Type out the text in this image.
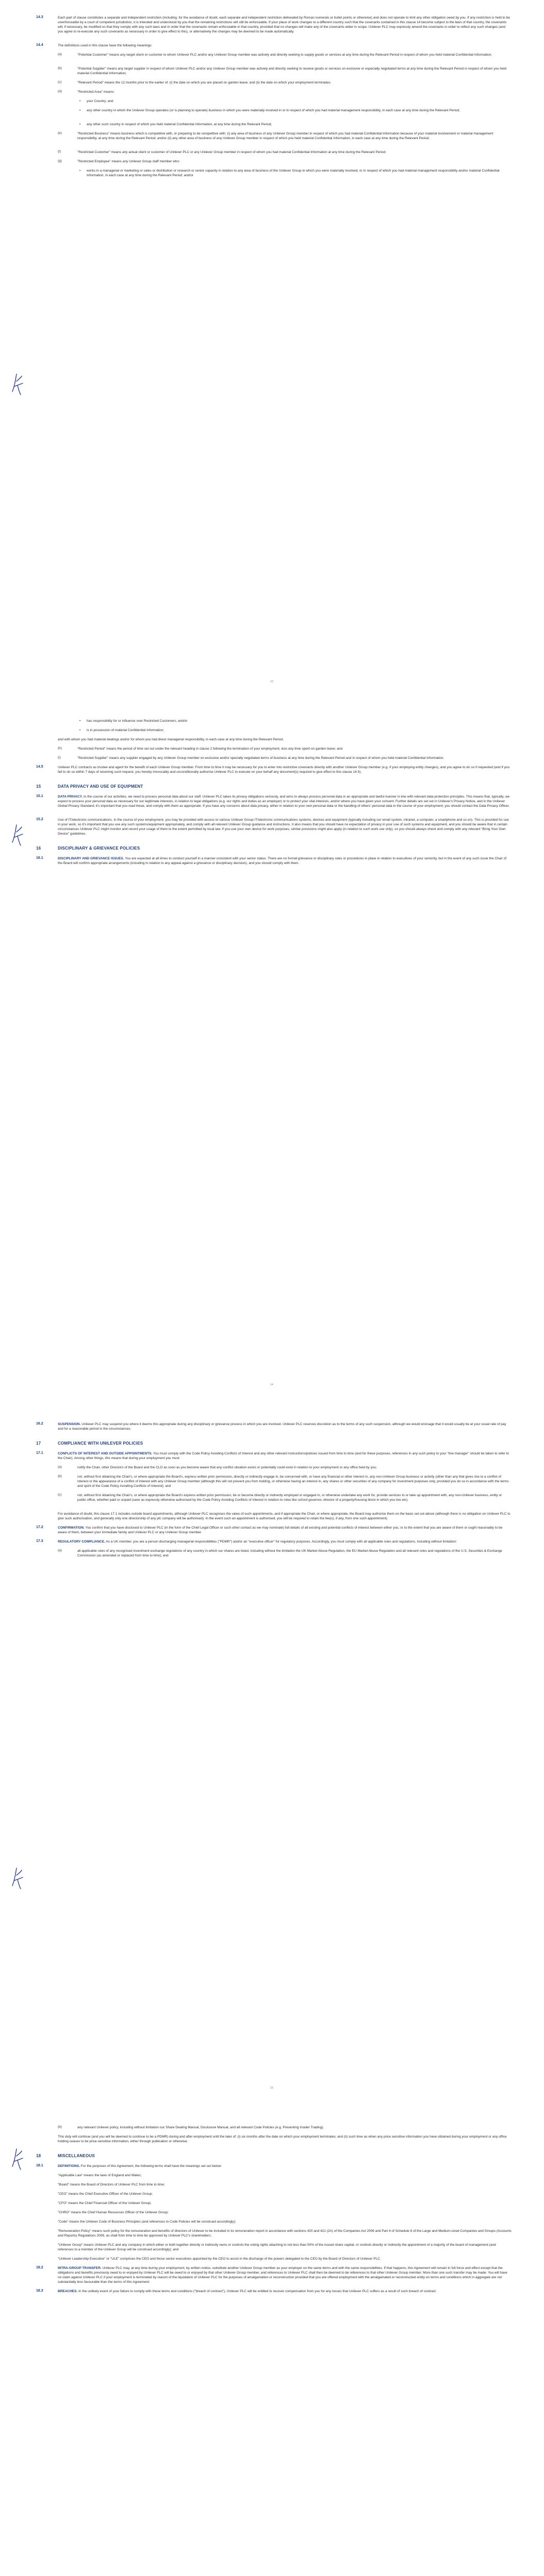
14.3	Each part of clause constitutes a separate and independent restriction (including, for the avoidance of doubt, each separate and independent restriction delineated by Roman numerals or bullet points or otherwise) and does not operate to limit any other obligation owed by you. If any restriction is held to be unenforceable by a court of competent jurisdiction, it is intended and understood by you that the remaining restrictions will still be enforceable. If your place of work changes to a different country such that the covenants contained in this clause 14 become subject to the laws of that country, the covenants will, if necessary, be modified so that they comply with any such laws and in order that the covenants remain enforceable in that country, provided that no changes will make any of the covenants wider in scope. Unilever PLC may expressly amend the covenants in order to reflect any such changes (and you agree to re-execute any such covenants as necessary in order to give effect to this), or alternatively the changes may be deemed to be made automatically.
14.4	The definitions used in this clause have the following meanings:
(a)	"Potential Customer" means any target client or customer to whom Unilever PLC and/or any Unilever Group member was actively and directly seeking to supply goods or services at any time during the Relevant Period in respect of whom you held material Confidential Information;
(b)	"Potential Supplier" means any target supplier in respect of whom Unilever PLC and/or any Unilever Group member was actively and directly seeking to receive goods or services on exclusive or especially negotiated terms at any time during the Relevant Period in respect of whom you held material Confidential Information;
(c)	"Relevant Period" means the 12 months prior to the earlier of: (i) the date on which you are placed on garden leave; and (ii) the date on which your employment terminates;
(d)	"Restricted Area" means:
• your Country; and
• any other country in which the Unilever Group operates (or is planning to operate) business in which you were materially involved in or in respect of which you had material management responsibility, in each case at any time during the Relevant Period;
• any other such country in respect of which you held material Confidential Information, at any time during the Relevant Period;
(e)	"Restricted Business" means business which is competitive with, or preparing to be competitive with: (i) any area of business of any Unilever Group member in respect of which you had material Confidential Information because of your material involvement or material management responsibility, at any time during the Relevant Period; and/or (ii) any other area of business of any Unilever Group member in respect of which you held material Confidential Information, in each case at any time during the Relevant Period;
(f)	"Restricted Customer" means any actual client or customer of Unilever PLC or any Unilever Group member in respect of whom you had material Confidential Information at any time during the Relevant Period;
(g)	"Restricted Employee" means any Unilever Group staff member who:
• works in a managerial or marketing or sales or distribution or research or senior capacity in relation to any area of business of the Unilever Group in which you were materially involved, or in respect of which you had material management responsibility and/or material Confidential Information, in each case at any time during the Relevant Period; and/or
13
• has responsibility for or influence over Restricted Customers; and/or
• is in possession of material Confidential Information;
and with whom you had material dealings and/or for whom you had direct managerial responsibility, in each case at any time during the Relevant Period;
(h)	"Restricted Period" means the period of time set out under the relevant heading in clause 2 following the termination of your employment, less any time spent on garden leave; and
(i)	"Restricted Supplier" means any supplier engaged by any Unilever Group member on exclusive and/or specially negotiated terms of business at any time during the Relevant Period and in respect of whom you held material Confidential Information.
14.5	Unilever PLC contracts as trustee and agent for the benefit of each Unilever Group member. From time to time it may be necessary for you to enter into restrictive covenants directly with another Unilever Group member (e.g. if your employing entity changes), and you agree to do so if requested (and if you fail to do so within 7 days of receiving such request, you hereby irrevocably and unconditionally authorise Unilever PLC to execute on your behalf any document(s) required to give effect to this clause 14.5).
15	DATA PRIVACY AND USE OF EQUIPMENT
15.1	DATA PRIVACY. In the course of our activities, we need to process personal data about our staff. Unilever PLC takes its privacy obligations seriously, and aims to always process personal data in an appropriate and lawful manner in line with relevant data protection principles. This means that, typically, we expect to process your personal data as necessary for our legitimate interests, in relation to legal obligations (e.g. our rights and duties as an employer) or to protect your vital interests, and/or where you have given your consent. Further details are set out in Unilever's Privacy Notice, and in the Unilever Global Privacy Standard; it's important that you read these, and comply with them as appropriate. If you have any concerns about data privacy, either in relation to your own personal data or the handling of others' personal data in the course of your employment, you should contact the Data Privacy Officer.
15.2	Use of IT/electronic communications. In the course of your employment, you may be provided with access to various Unilever Group IT/electronic communications systems, devices and equipment (typically including our email system, intranet, a computer, a smartphone and so on). This is provided for use in your work, so it's important that you use any such systems/equipment appropriately, and comply with all relevant Unilever Group guidance and instructions. It also means that you should have no expectation of privacy in your use of such systems and equipment, and you should be aware that in certain circumstances Unilever PLC might monitor and record your usage of them to the extent permitted by local law. If you use your own device for work purposes, similar provisions might also apply (in relation to such work use only), so you should always check and comply with any relevant "Bring Your Own Device" guidelines.
16	DISCIPLINARY & GRIEVANCE POLICIES
16.1	DISCIPLINARY AND GRIEVANCE ISSUES. You are expected at all times to conduct yourself in a manner consistent with your senior status. There are no formal grievance or disciplinary rules or procedures in place in relation to executives of your seniority, but in the event of any such issue the Chair of the Board will confirm appropriate arrangements (including in relation to any appeal against a grievance or disciplinary decision), and you should comply with them.
14
16.2	SUSPENSION. Unilever PLC may suspend you where it deems this appropriate during any disciplinary or grievance process in which you are involved. Unilever PLC reserves discretion as to the terms of any such suspension, although we would envisage that it would usually be at your usual rate of pay and for a reasonable period in the circumstances.
17	COMPLIANCE WITH UNILEVER POLICIES
17.1	CONFLICTS OF INTEREST AND OUTSIDE APPOINTMENTS. You must comply with the Code Policy Avoiding Conflicts of Interest and any other relevant instructions/policies issued from time to time (and for these purposes, references in any such policy to your "line manager" should be taken to refer to the Chair). Among other things, this means that during your employment you must:
(a)	notify the Chair, other Directors of the Board and the CLO as soon as you become aware that any conflict situation exists or potentially could exist in relation to your employment or any office held by you;
(b)	not, without first obtaining the Chair's, or where appropriate the Board's, express written prior permission, directly or indirectly engage in, be concerned with, or have any financial or other interest in, any non-Unilever Group business or activity (other than any that gives rise to a conflict of interest or the appearance of a conflict of interest with any Unilever Group member (although this will not prevent you from holding, or otherwise having an interest in, any shares or other securities of any company for investment purposes only, provided you do so in accordance with the terms and spirit of the Code Policy Avoiding Conflicts of Interest); and
(c)	not, without first obtaining the Chair's, or where appropriate the Board's express written prior permission, be or become directly or indirectly employed or engaged in, or otherwise undertake any work for, provide services to or take up appointment with, any non-Unilever business, entity or public office, whether paid or unpaid (save as expressly otherwise authorised by the Code Policy Avoiding Conflicts of Interest in relation to roles like school governor, director of a property/housing block in which you live etc).
For avoidance of doubt, this clause 17.1 includes outside board appointments, although Unilever PLC recognises the value of such appointments, and if appropriate the Chair, or where appropriate, the Board may authorise them on the basis set out above (although there is no obligation on Unilever PLC to give such authorisation, and generally only one directorship of any plc company will be authorised). In the event such an appointment is authorised, you will be required to retain the fee(s), if any, from one such appointment).
17.2	CONFIRMATION. You confirm that you have disclosed to Unilever PLC (in the form of the Chief Legal Officer or such other contact as we may nominate) full details of all existing and potential conflicts of interest between either you, or to the extent that you are aware of them or ought reasonably to be aware of them, between your immediate family and Unilever PLC or any Unilever Group member.
17.3	REGULATORY COMPLIANCE. As a UK member, you are a person discharging managerial responsibilities ("PDMR") and/or an "executive officer" for regulatory purposes. Accordingly, you must comply with all applicable rules and regulations, including without limitation:
(a)	all applicable rules of any recognised investment exchange regulations of any country in which our shares are listed, including without the limitation the UK Market Abuse Regulation, the EU Market Abuse Regulation and all relevant rules and regulations of the U.S. Securities & Exchange Commission (as amended or replaced from time to time); and
15
(b)	any relevant Unilever policy, including without limitation our Share Dealing Manual, Disclosure Manual, and all relevant Code Policies (e.g. Preventing Insider Trading).
This duty will continue (and you will be deemed to continue to be a PDMR) during and after employment until the later of: (i) six months after the date on which your employment terminates; and (ii) such time as when any price sensitive information you have obtained during your employment or any office holding ceases to be price-sensitive information, either through publication or otherwise.
18	MISCELLANEOUS
18.1	DEFINITIONS. For the purposes of this Agreement, the following terms shall have the meanings set out below:
"Applicable Law" means the laws of England and Wales;
"Board" means the Board of Directors of Unilever PLC from time to time;
"CEO" means the Chief Executive Officer of the Unilever Group;
"CFO" means the Chief Financial Officer of the Unilever Group;
"CHRO" means the Chief Human Resources Officer of the Unilever Group;
"Code" means the Unilever Code of Business Principles (and references to Code Policies will be construed accordingly);
"Remuneration Policy" means such policy for the remuneration and benefits of directors of Unilever to be included in its remuneration report in accordance with sections 420 and 421 (2A) of the Companies Act 2006 and Part 4 of Schedule 8 of the Large and Medium-sized Companies and Groups (Accounts and Reports) Regulations 2008, as shall from time to time be approved by Unilever PLC's shareholders;
"Unilever Group" means Unilever PLC and any company in which either or both together directly or indirectly owns or controls the voting rights attaching to not less than 50% of the issued share capital, or controls directly or indirectly the appointment of a majority of the board of management (and references to a member of the Unilever Group will be construed accordingly); and
"Unilever Leadership Executive" or "ULE" comprises the CEO and those senior executives appointed by the CEO to assist in the discharge of the powers delegated to the CEO by the Board of Directors of Unilever PLC.
18.2	INTRA-GROUP TRANSFER. Unilever PLC may, at any time during your employment, by written notice, substitute another Unilever Group member as your employer on the same terms and with the same responsibilities. If that happens, this Agreement will remain in full force and effect except that the obligations and benefits previously owed to or enjoyed by Unilever PLC will be owed to or enjoyed by that other Unilever Group member, and references to Unilever PLC shall then be deemed to be references to that other Unilever Group member. More than one such transfer may be made. You will have no claim against Unilever PLC if your employment is terminated by reason of the liquidation of Unilever PLC for the purposes of amalgamation or reconstruction provided that you are offered employment with the amalgamated or reconstructed entity on terms and conditions which in aggregate are not substantially less favourable than the terms of this Agreement.
18.3	BREACHES. In the unlikely event of your failure to comply with these terms and conditions ("breach of contract"), Unilever PLC will be entitled to recover compensation from you for any losses that Unilever PLC suffers as a result of such breach of contract.
